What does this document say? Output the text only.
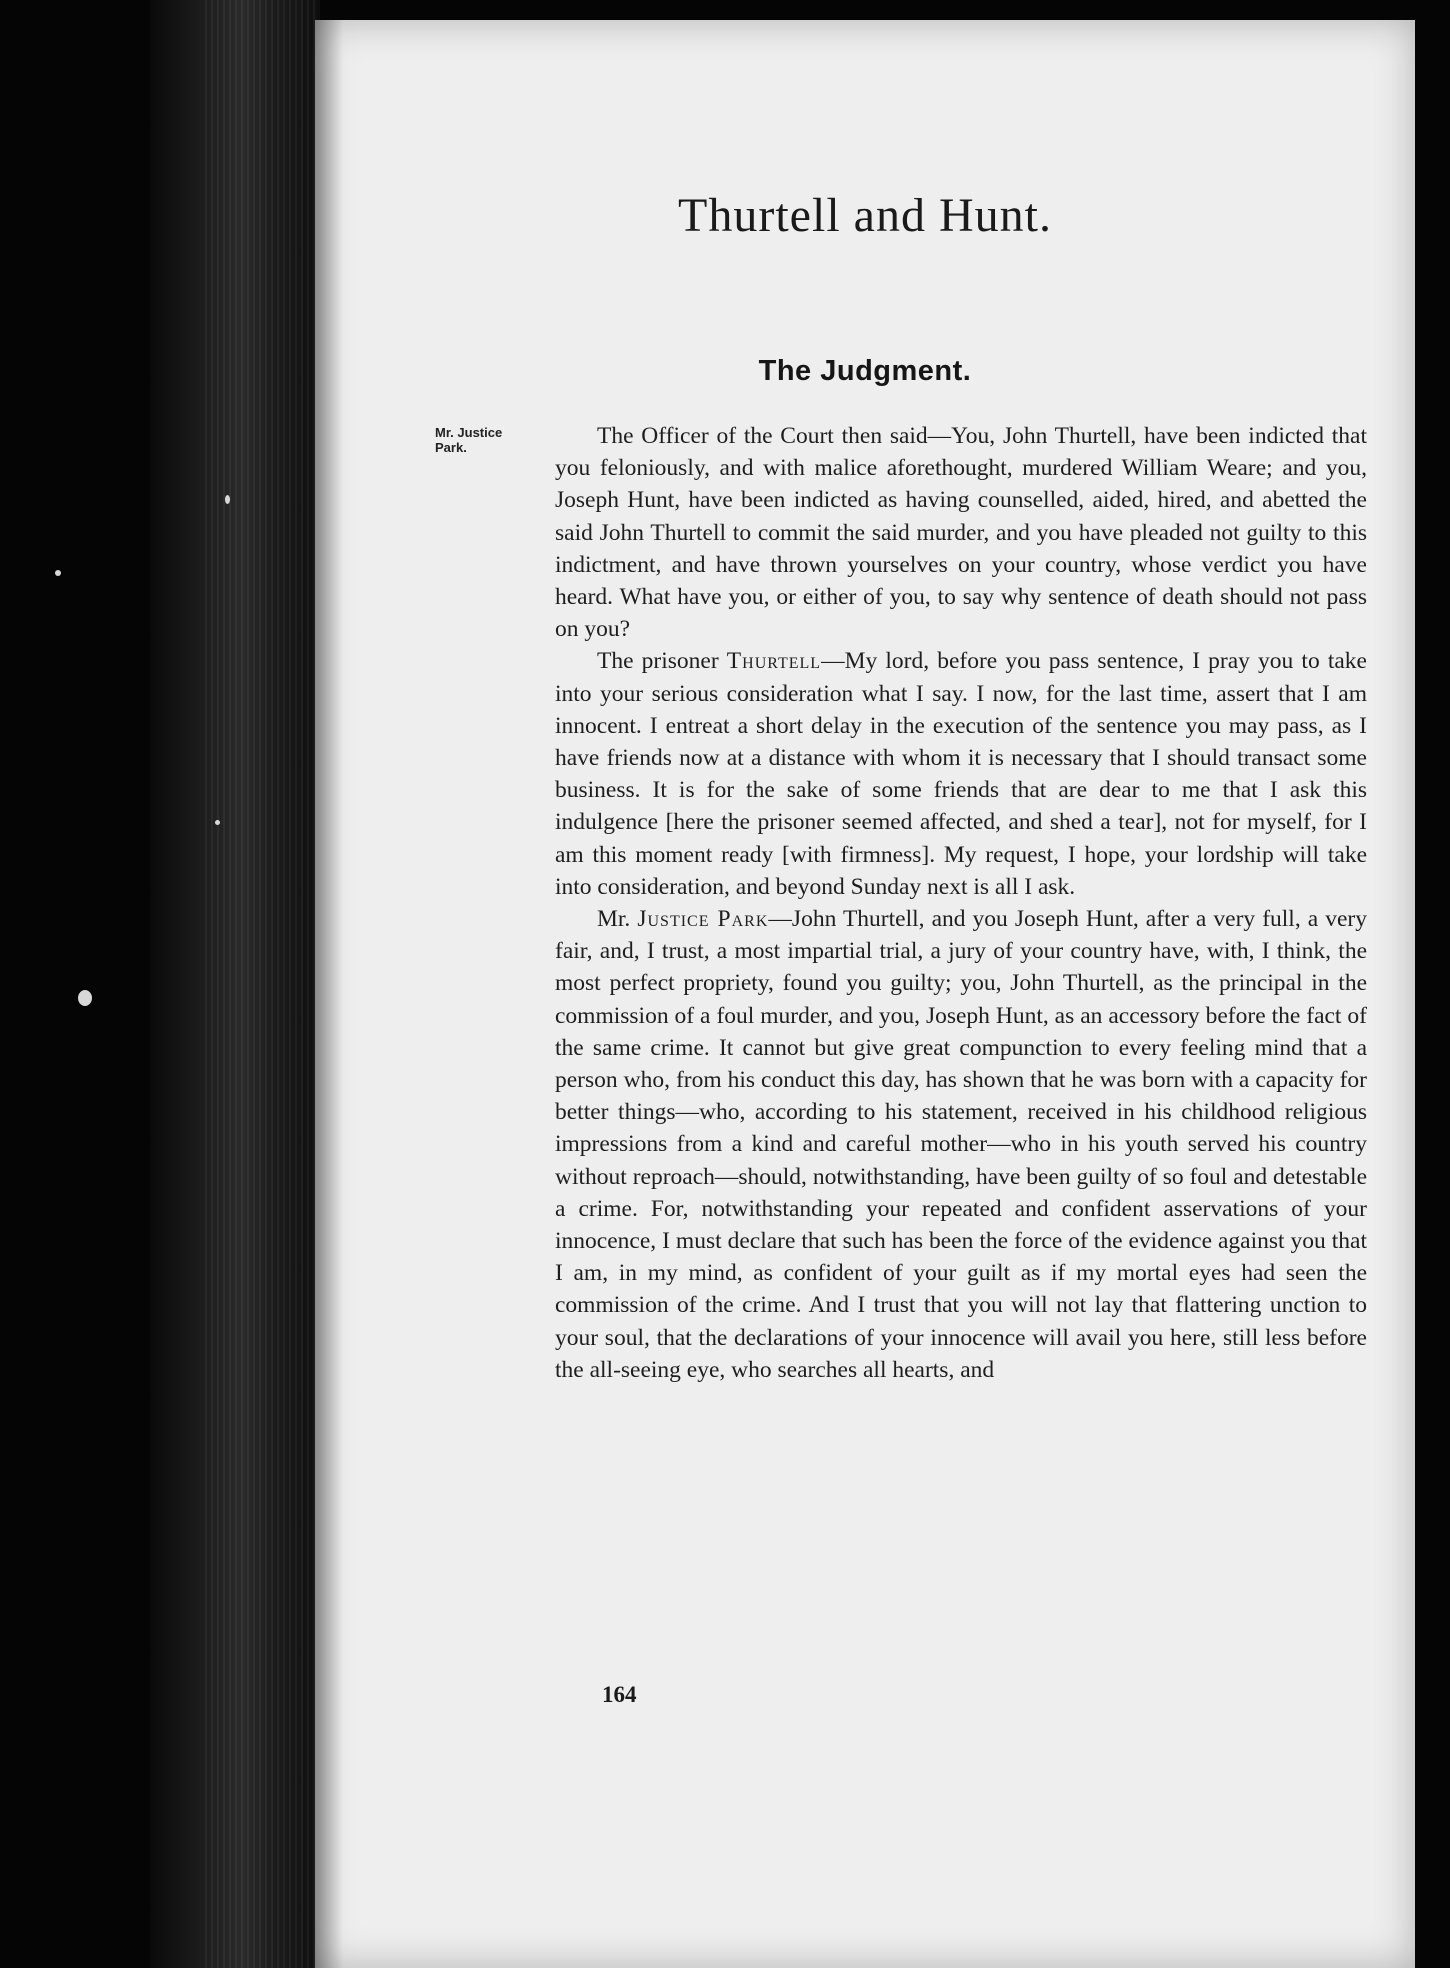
Thurtell and Hunt.
The Judgment.
Mr. Justice Park.	The Officer of the Court then said—You, John Thurtell, have been indicted that you feloniously, and with malice aforethought, murdered William Weare; and you, Joseph Hunt, have been indicted as having counselled, aided, hired, and abetted the said John Thurtell to commit the said murder, and you have pleaded not guilty to this indictment, and have thrown yourselves on your country, whose verdict you have heard. What have you, or either of you, to say why sentence of death should not pass on you?

The prisoner Thurtell—My lord, before you pass sentence, I pray you to take into your serious consideration what I say. I now, for the last time, assert that I am innocent. I entreat a short delay in the execution of the sentence you may pass, as I have friends now at a distance with whom it is necessary that I should transact some business. It is for the sake of some friends that are dear to me that I ask this indulgence [here the prisoner seemed affected, and shed a tear], not for myself, for I am this moment ready [with firmness]. My request, I hope, your lordship will take into consideration, and beyond Sunday next is all I ask.

Mr. Justice Park—John Thurtell, and you Joseph Hunt, after a very full, a very fair, and, I trust, a most impartial trial, a jury of your country have, with, I think, the most perfect propriety, found you guilty; you, John Thurtell, as the principal in the commission of a foul murder, and you, Joseph Hunt, as an accessory before the fact of the same crime. It cannot but give great compunction to every feeling mind that a person who, from his conduct this day, has shown that he was born with a capacity for better things—who, according to his statement, received in his childhood religious impressions from a kind and careful mother—who in his youth served his country without reproach—should, notwithstanding, have been guilty of so foul and detestable a crime. For, notwithstanding your repeated and confident asservations of your innocence, I must declare that such has been the force of the evidence against you that I am, in my mind, as confident of your guilt as if my mortal eyes had seen the commission of the crime. And I trust that you will not lay that flattering unction to your soul, that the declarations of your innocence will avail you here, still less before the all-seeing eye, who searches all hearts, and

164
